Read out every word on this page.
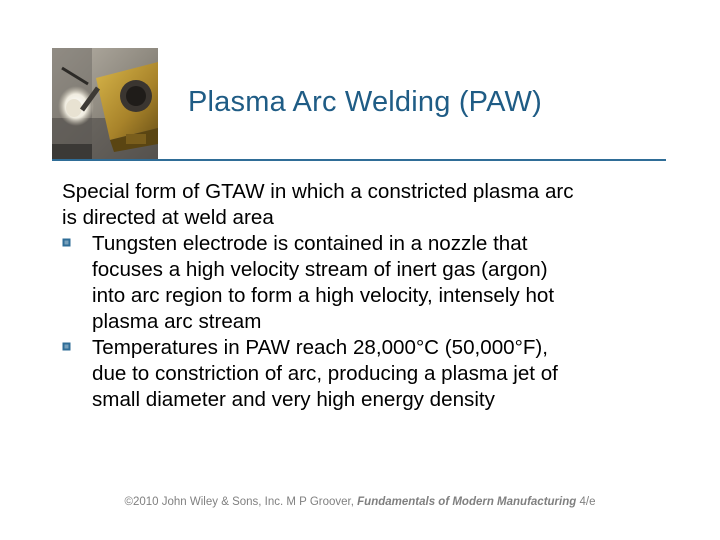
Plasma Arc Welding (PAW)

Special form of GTAW in which a constricted plasma arc
is directed at weld area

Tungsten electrode is contained in a nozzle that
focuses a high velocity stream of inert gas (argon)
into arc region to form a high velocity, intensely hot
plasma arc stream
Temperatures in PAW reach 28,000°C (50,000°F),
due to constriction of arc, producing a plasma jet of
small diameter and very high energy density
©2010 John Wiley & Sons, Inc. M P Groover, Fundamentals of Modern Manufacturing 4/e
